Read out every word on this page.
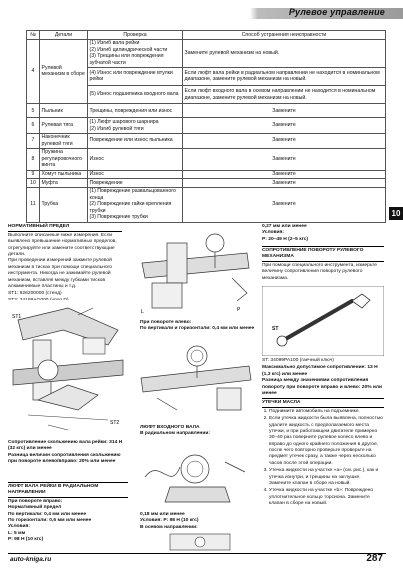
Рулевое управление
№	Детали	Проверка	Способ устранения неисправности
4	Рулевой механизм в сборе	(1) Изгиб вала рейки
(2) Изгиб цилиндрической части
(3) Трещины или повреждения зубчатой части	Замените рулевой механизм на новый.
		(4) Износ или повреждение втулки рейки	Если люфт вала рейки в радиальном направлении не находится в номинальном диапазоне, замените рулевой механизм на новый.
		(5) Износ подшипника входного вала	Если люфт входного вала в осевом направлении не находится в номинальном диапазоне, замените рулевой механизм на новый.
5	Пыльник	Трещины, повреждения или износ	Замените
6	Рулевая тяга	(1) Люфт шарового шарнира
(2) Изгиб рулевой тяги	Замените
7	Наконечник рулевой тяги	Повреждение или износ пыльника	Замените
8	Пружина регулировочного винта	Износ	Замените
9	Хомут пыльника	Износ	Замените
10	Муфта	Повреждение	Замените
11	Трубка	(1) Повреждение развальцованного конца
(2) Повреждение гайки крепления трубки
(3) Повреждение трубки	Замените
10
НОРМАТИВНЫЙ ПРЕДЕЛ

Выполните описанные ниже измерения. Если выявлено превышение нормативных пределов, отрегулируйте или замените соответствующие детали.
При проведении измерений зажмите рулевой механизм в тисках при помощи специального инструмента. Никогда не зажимайте рулевой механизм, вставляя между губками тисков алюминиевые пластины и т.д.

ST1: 926200000 (стенд)
ST2
ST1
Сопротивление скольжению вала рейки: 314 Н (32 кгс) или менее
Разница величин сопротивления скольжению при повороте влево/вправо: 20% или менее
ЛЮФТ ВАЛА РЕЙКИ В РАДИАЛЬНОМ НАПРАВЛЕНИИ
При повороте вправо:
Нормативный предел
По вертикали: 0,4 мм или менее
По горизонтали: 0,6 мм или менее
Условия:
L: 5 мм
Р: 98 Н (10 кгс)
P
L
При повороте влево:
По вертикали и горизонтали: 0,4 мм или менее
ЛЮФТ ВХОДНОГО ВАЛА
В радиальном направлении:
0,18 мм или менее
Условия: P: 98 Н (10 кгс)
В осевом направлении:
0,27 мм или менее
Условия:
P: 20–49 Н (2–5 кгс)
СОПРОТИВЛЕНИЕ ПОВОРОТУ РУЛЕВОГО МЕХАНИЗМА

При помощи специального инструмента, измерьте величину сопротивления повороту рулевого механизма.

ST

ST: 34099PA100 (гаечный ключ)

Максимально допустимое сопротивление: 13 Н (1,3 кгс) или менее
Разница между значениями сопротивления повороту при повороте вправо и влево: 20% или менее

УТЕЧКИ МАСЛА
1. Поднимите автомобиль на подъемнике.
2. Если утечка жидкости была выявлена, полностью удалите жидкость с предполагаемого места утечки, и при работающем двигателе примерно 30–40 раз поверните рулевое колесо влево и вправо до одного крайнего положения в другое, после чего повторно проверьте проверьте на предмет утечек сразу, а также через несколько часов после этой операции.
3. Утечка жидкости на участке «a» (см. рис.), как и утечка изнутри, и трещины на заглушке. Замените клапан в сборе на новый.
4. Утечка жидкости на участке «b»: Повреждено уплотнительное кольцо торсиона. Замените клапан в сборе на новый.
auto-kniga.ru	287
